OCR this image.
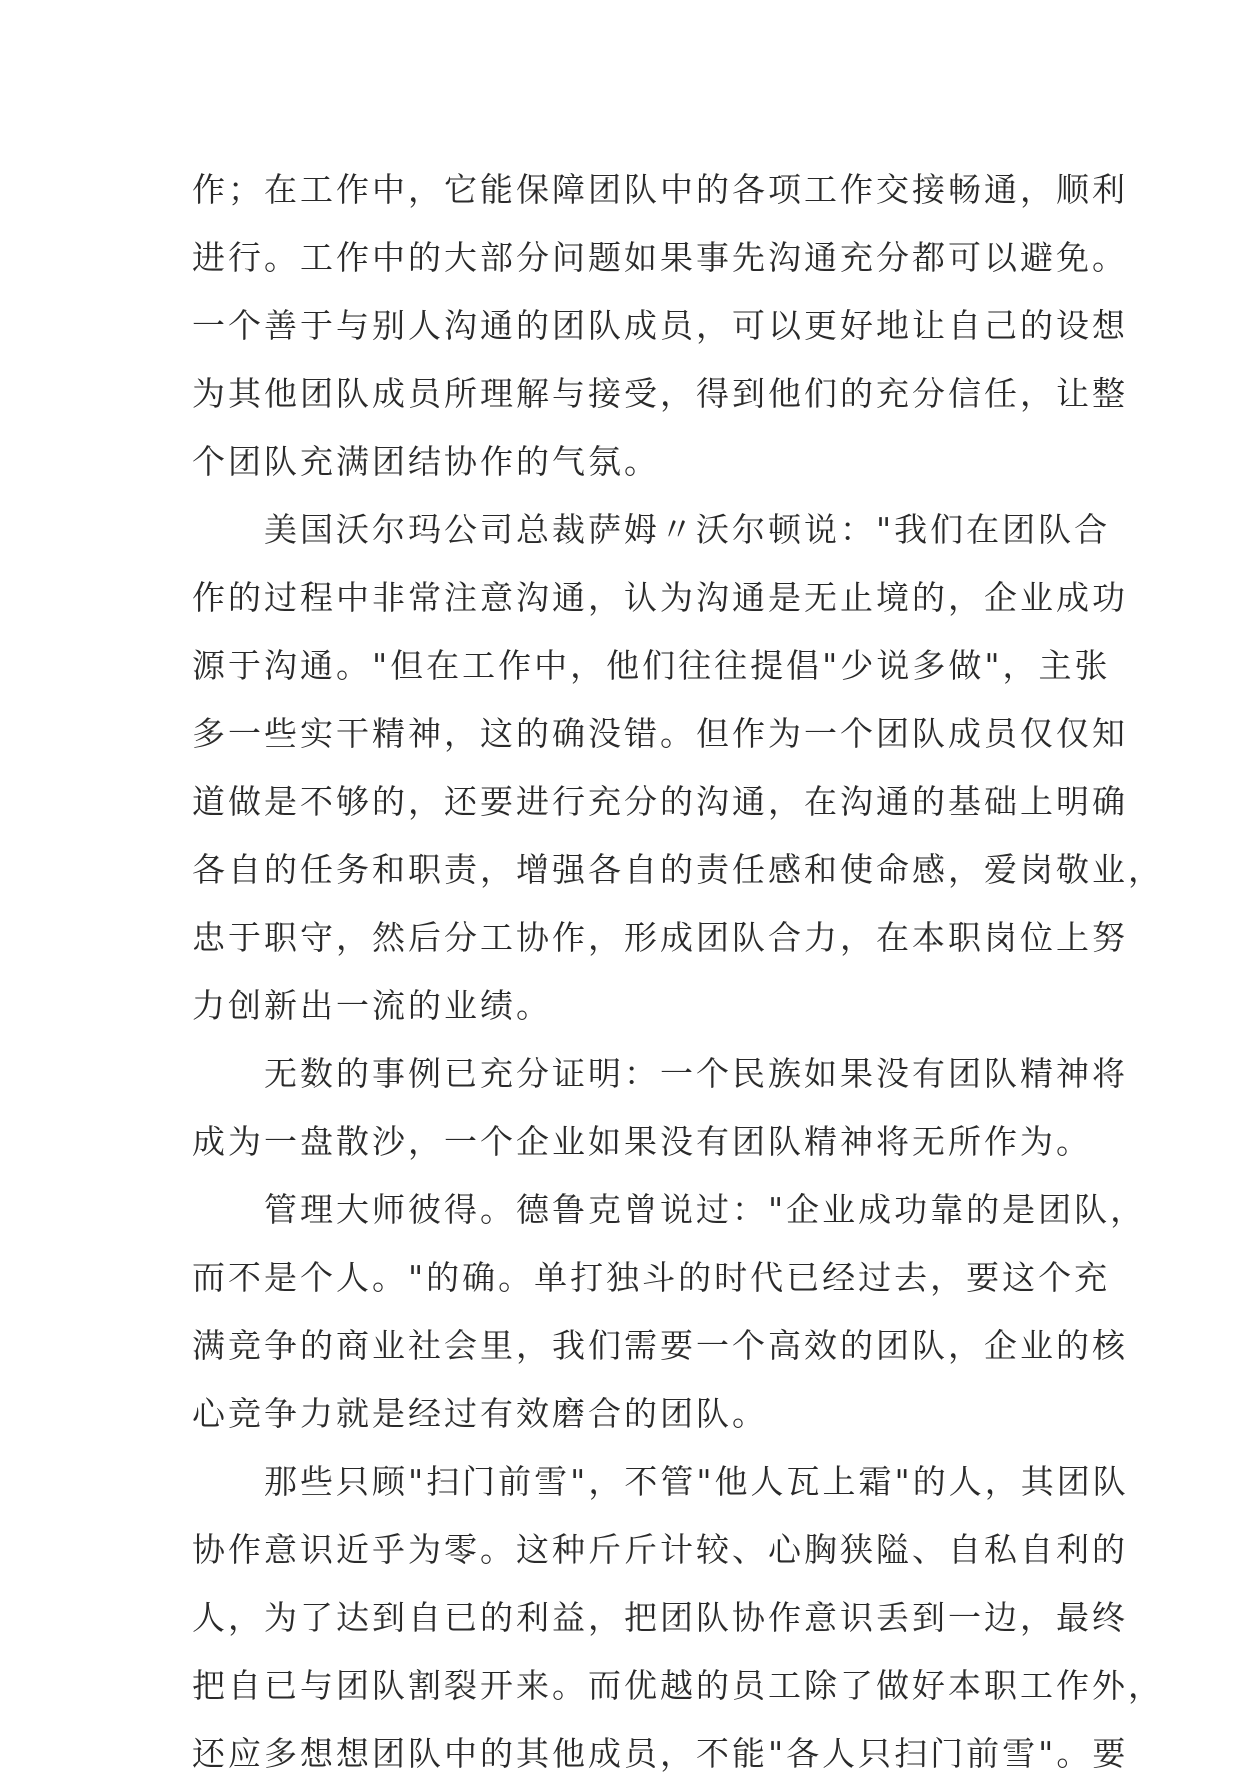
作；在工作中，它能保障团队中的各项工作交接畅通，顺利
进行。工作中的大部分问题如果事先沟通充分都可以避免。
一个善于与别人沟通的团队成员，可以更好地让自己的设想
为其他团队成员所理解与接受，得到他们的充分信任，让整
个团队充满团结协作的气氛。
　　美国沃尔玛公司总裁萨姆〃沃尔顿说："我们在团队合
作的过程中非常注意沟通，认为沟通是无止境的，企业成功
源于沟通。"但在工作中，他们往往提倡"少说多做"，主张
多一些实干精神，这的确没错。但作为一个团队成员仅仅知
道做是不够的，还要进行充分的沟通，在沟通的基础上明确
各自的任务和职责，增强各自的责任感和使命感，爱岗敬业，
忠于职守，然后分工协作，形成团队合力，在本职岗位上努
力创新出一流的业绩。
　　无数的事例已充分证明：一个民族如果没有团队精神将
成为一盘散沙，一个企业如果没有团队精神将无所作为。
　　管理大师彼得。德鲁克曾说过："企业成功靠的是团队，
而不是个人。"的确。单打独斗的时代已经过去，要这个充
满竞争的商业社会里，我们需要一个高效的团队，企业的核
心竞争力就是经过有效磨合的团队。
　　那些只顾"扫门前雪"，不管"他人瓦上霜"的人，其团队
协作意识近乎为零。这种斤斤计较、心胸狭隘、自私自利的
人，为了达到自已的利益，把团队协作意识丢到一边，最终
把自已与团队割裂开来。而优越的员工除了做好本职工作外，
还应多想想团队中的其他成员，不能"各人只扫门前雪"。要
